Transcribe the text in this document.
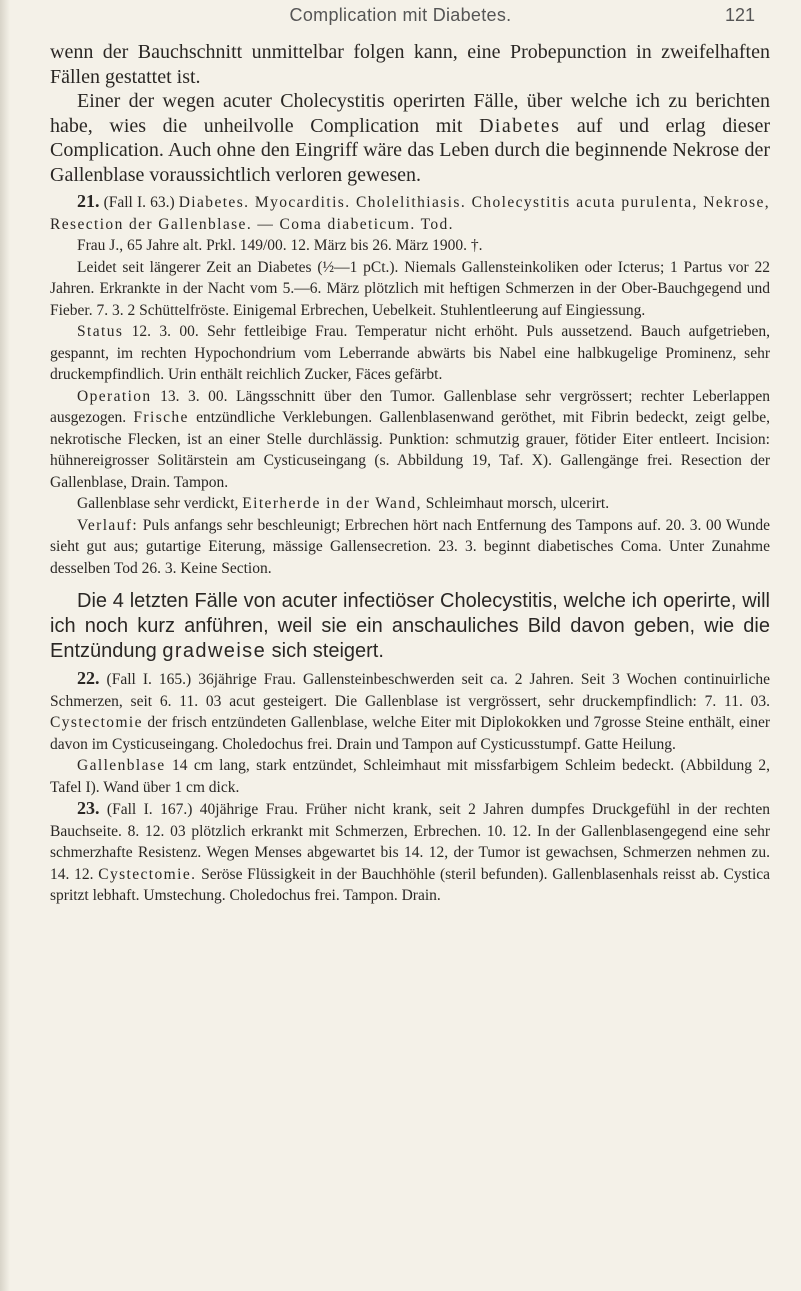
Complication mit Diabetes.	121

wenn der Bauchschnitt unmittelbar folgen kann, eine Probepunction in zweifelhaften Fällen gestattet ist.

Einer der wegen acuter Cholecystitis operirten Fälle, über welche ich zu berichten habe, wies die unheilvolle Complication mit Diabetes auf und erlag dieser Complication. Auch ohne den Eingriff wäre das Leben durch die beginnende Nekrose der Gallenblase voraussichtlich verloren gewesen.

21. (Fall I. 63.) Diabetes. Myocarditis. Cholelithiasis. Cholecystitis acuta purulenta, Nekrose, Resection der Gallenblase. — Coma diabeticum. Tod.

Frau J., 65 Jahre alt. Prkl. 149/00. 12. März bis 26. März 1900. †.

Leidet seit längerer Zeit an Diabetes (½—1 pCt.). Niemals Gallensteinkoliken oder Icterus; 1 Partus vor 22 Jahren. Erkrankte in der Nacht vom 5.—6. März plötzlich mit heftigen Schmerzen in der Ober-Bauchgegend und Fieber. 7. 3. 2 Schüttelfröste. Einigemal Erbrechen, Uebelkeit. Stuhlentleerung auf Eingiessung.

Status 12. 3. 00. Sehr fettleibige Frau. Temperatur nicht erhöht. Puls aussetzend. Bauch aufgetrieben, gespannt, im rechten Hypochondrium vom Leberrande abwärts bis Nabel eine halbkugelige Prominenz, sehr druckempfindlich. Urin enthält reichlich Zucker, Fäces gefärbt.

Operation 13. 3. 00. Längsschnitt über den Tumor. Gallenblase sehr vergrössert; rechter Leberlappen ausgezogen. Frische entzündliche Verklebungen. Gallenblasenwand geröthet, mit Fibrin bedeckt, zeigt gelbe, nekrotische Flecken, ist an einer Stelle durchlässig. Punktion: schmutzig grauer, fötider Eiter entleert. Incision: hühnereigrosser Solitärstein am Cysticuseingang (s. Abbildung 19, Taf. X). Gallengänge frei. Resection der Gallenblase, Drain. Tampon.

Gallenblase sehr verdickt, Eiterherde in der Wand, Schleimhaut morsch, ulcerirt.

Verlauf: Puls anfangs sehr beschleunigt; Erbrechen hört nach Entfernung des Tampons auf. 20. 3. 00 Wunde sieht gut aus; gutartige Eiterung, mässige Gallensecretion. 23. 3. beginnt diabetisches Coma. Unter Zunahme desselben Tod 26. 3. Keine Section.

Die 4 letzten Fälle von acuter infectiöser Cholecystitis, welche ich operirte, will ich noch kurz anführen, weil sie ein anschauliches Bild davon geben, wie die Entzündung gradweise sich steigert.

22. (Fall I. 165.) 36jährige Frau. Gallensteinbeschwerden seit ca. 2 Jahren. Seit 3 Wochen continuirliche Schmerzen, seit 6. 11. 03 acut gesteigert. Die Gallenblase ist vergrössert, sehr druckempfindlich: 7. 11. 03. Cystectomie der frisch entzündeten Gallenblase, welche Eiter mit Diplokokken und 7grosse Steine enthält, einer davon im Cysticuseingang. Choledochus frei. Drain und Tampon auf Cysticusstumpf. Gatte Heilung.

Gallenblase 14 cm lang, stark entzündet, Schleimhaut mit missfarbigem Schleim bedeckt. (Abbildung 2, Tafel I). Wand über 1 cm dick.

23. (Fall I. 167.) 40jährige Frau. Früher nicht krank, seit 2 Jahren dumpfes Druckgefühl in der rechten Bauchseite. 8. 12. 03 plötzlich erkrankt mit Schmerzen, Erbrechen. 10. 12. In der Gallenblasengegend eine sehr schmerzhafte Resistenz. Wegen Menses abgewartet bis 14. 12, der Tumor ist gewachsen, Schmerzen nehmen zu. 14. 12. Cystectomie. Seröse Flüssigkeit in der Bauchhöhle (steril befunden). Gallenblasenhals reisst ab. Cystica spritzt lebhaft. Umstechung. Choledochus frei. Tampon. Drain.
